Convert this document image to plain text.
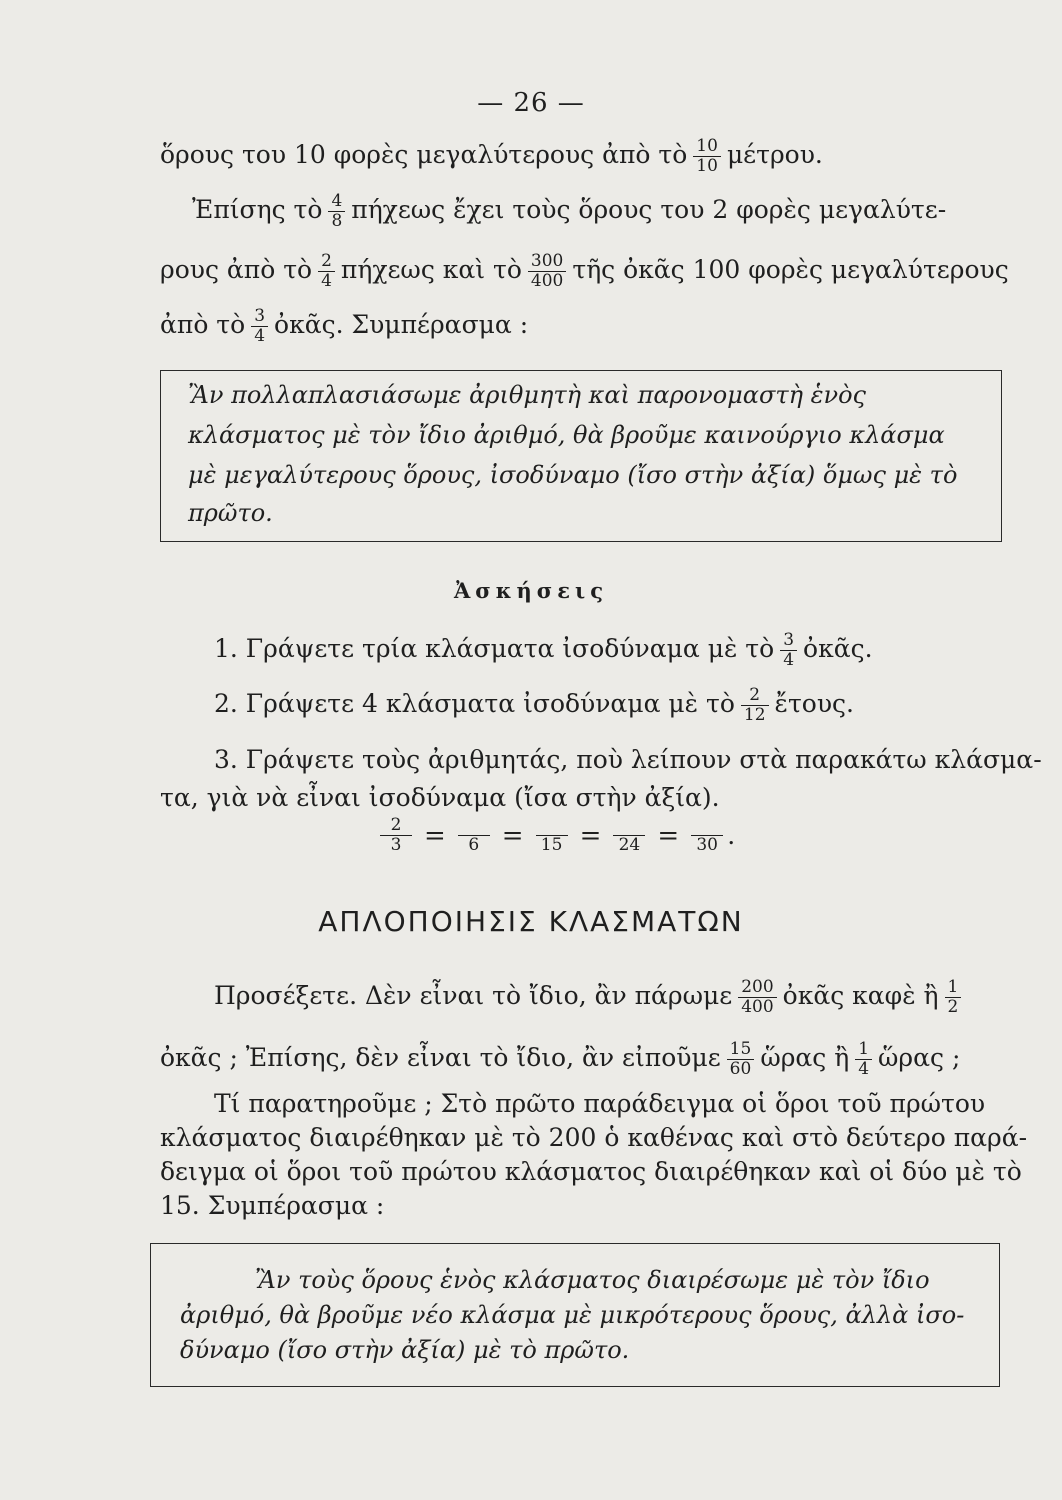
— 26 —
ὅρους του 10 φορὲς μεγαλύτερους ἀπὸ τὸ $\frac{10}{10} \mu έ\tau\rho o\upsilon$.
Ἐπίσης τὸ $\frac{4}{8}$ πήχεως ἔχει τοὺς ὅρους του 2 φορὲς μεγαλύτε-
ρους ἀπὸ τὸ $\frac{2}{4}$ πήχεως καὶ τὸ $\frac{300}{400}$ τῆς ὀκᾶς 100 φορὲς μεγαλύτερους
ἀπὸ τὸ $\frac{3}{4}$ ὀκᾶς. Συμπέρασμα :
Ἂν πολλαπλασιάσωμε ἀριθμητὴ καὶ παρονομαστὴ ἑνὸς
κλάσματος μὲ τὸν ἴδιο ἀριθμό, θὰ βροῦμε καινούργιο κλάσμα
μὲ μεγαλύτερους ὅρους, ἰσοδύναμο (ἴσο στὴν ἀξία) ὅμως μὲ τὸ
πρῶτο.
Ἀσκήσεις
1. Γράψετε τρία κλάσματα ἰσοδύναμα μὲ τὸ $\frac{3}{4}$ ὀκᾶς.
2. Γράψετε 4 κλάσματα ἰσοδύναμα μὲ τὸ $\frac{2}{12}$ ἔτους.
3. Γράψετε τοὺς ἀριθμητάς, ποὺ λείπουν στὰ παρακάτω κλάσμα-
τα, γιὰ νὰ εἶναι ἰσοδύναμα (ἴσα στὴν ἀξία).
$\frac{2}{3}$ =	6 =	15 =	24 =	30 .
ΑΠΛΟΠΟΙΗΣΙΣ ΚΛΑΣΜΑΤΩΝ
Προσέξετε. Δὲν εἶναι τὸ ἴδιο, ἂν πάρωμε $\frac{200}{400}$ ὀκᾶς καφὲ ἢ $\frac{1}{2}$
ὀκᾶς ; Ἐπίσης, δὲν εἶναι τὸ ἴδιο, ἂν εἰποῦμε $\frac{15}{60}$ ὥρας ἢ $\frac{1}{4}$ ὥρας ;
Τί παρατηροῦμε ; Στὸ πρῶτο παράδειγμα οἱ ὅροι τοῦ πρώτου
κλάσματος διαιρέθηκαν μὲ τὸ 200 ὁ καθένας καὶ στὸ δεύτερο παρά-
δειγμα οἱ ὅροι τοῦ πρώτου κλάσματος διαιρέθηκαν καὶ οἱ δύο μὲ τὸ
15. Συμπέρασμα :
Ἂν τοὺς ὅρους ἑνὸς κλάσματος διαιρέσωμε μὲ τὸν ἴδιο
ἀριθμό, θὰ βροῦμε νέο κλάσμα μὲ μικρότερους ὅρους, ἀλλὰ ἰσο-
δύναμο (ἴσο στὴν ἀξία) μὲ τὸ πρῶτο.
